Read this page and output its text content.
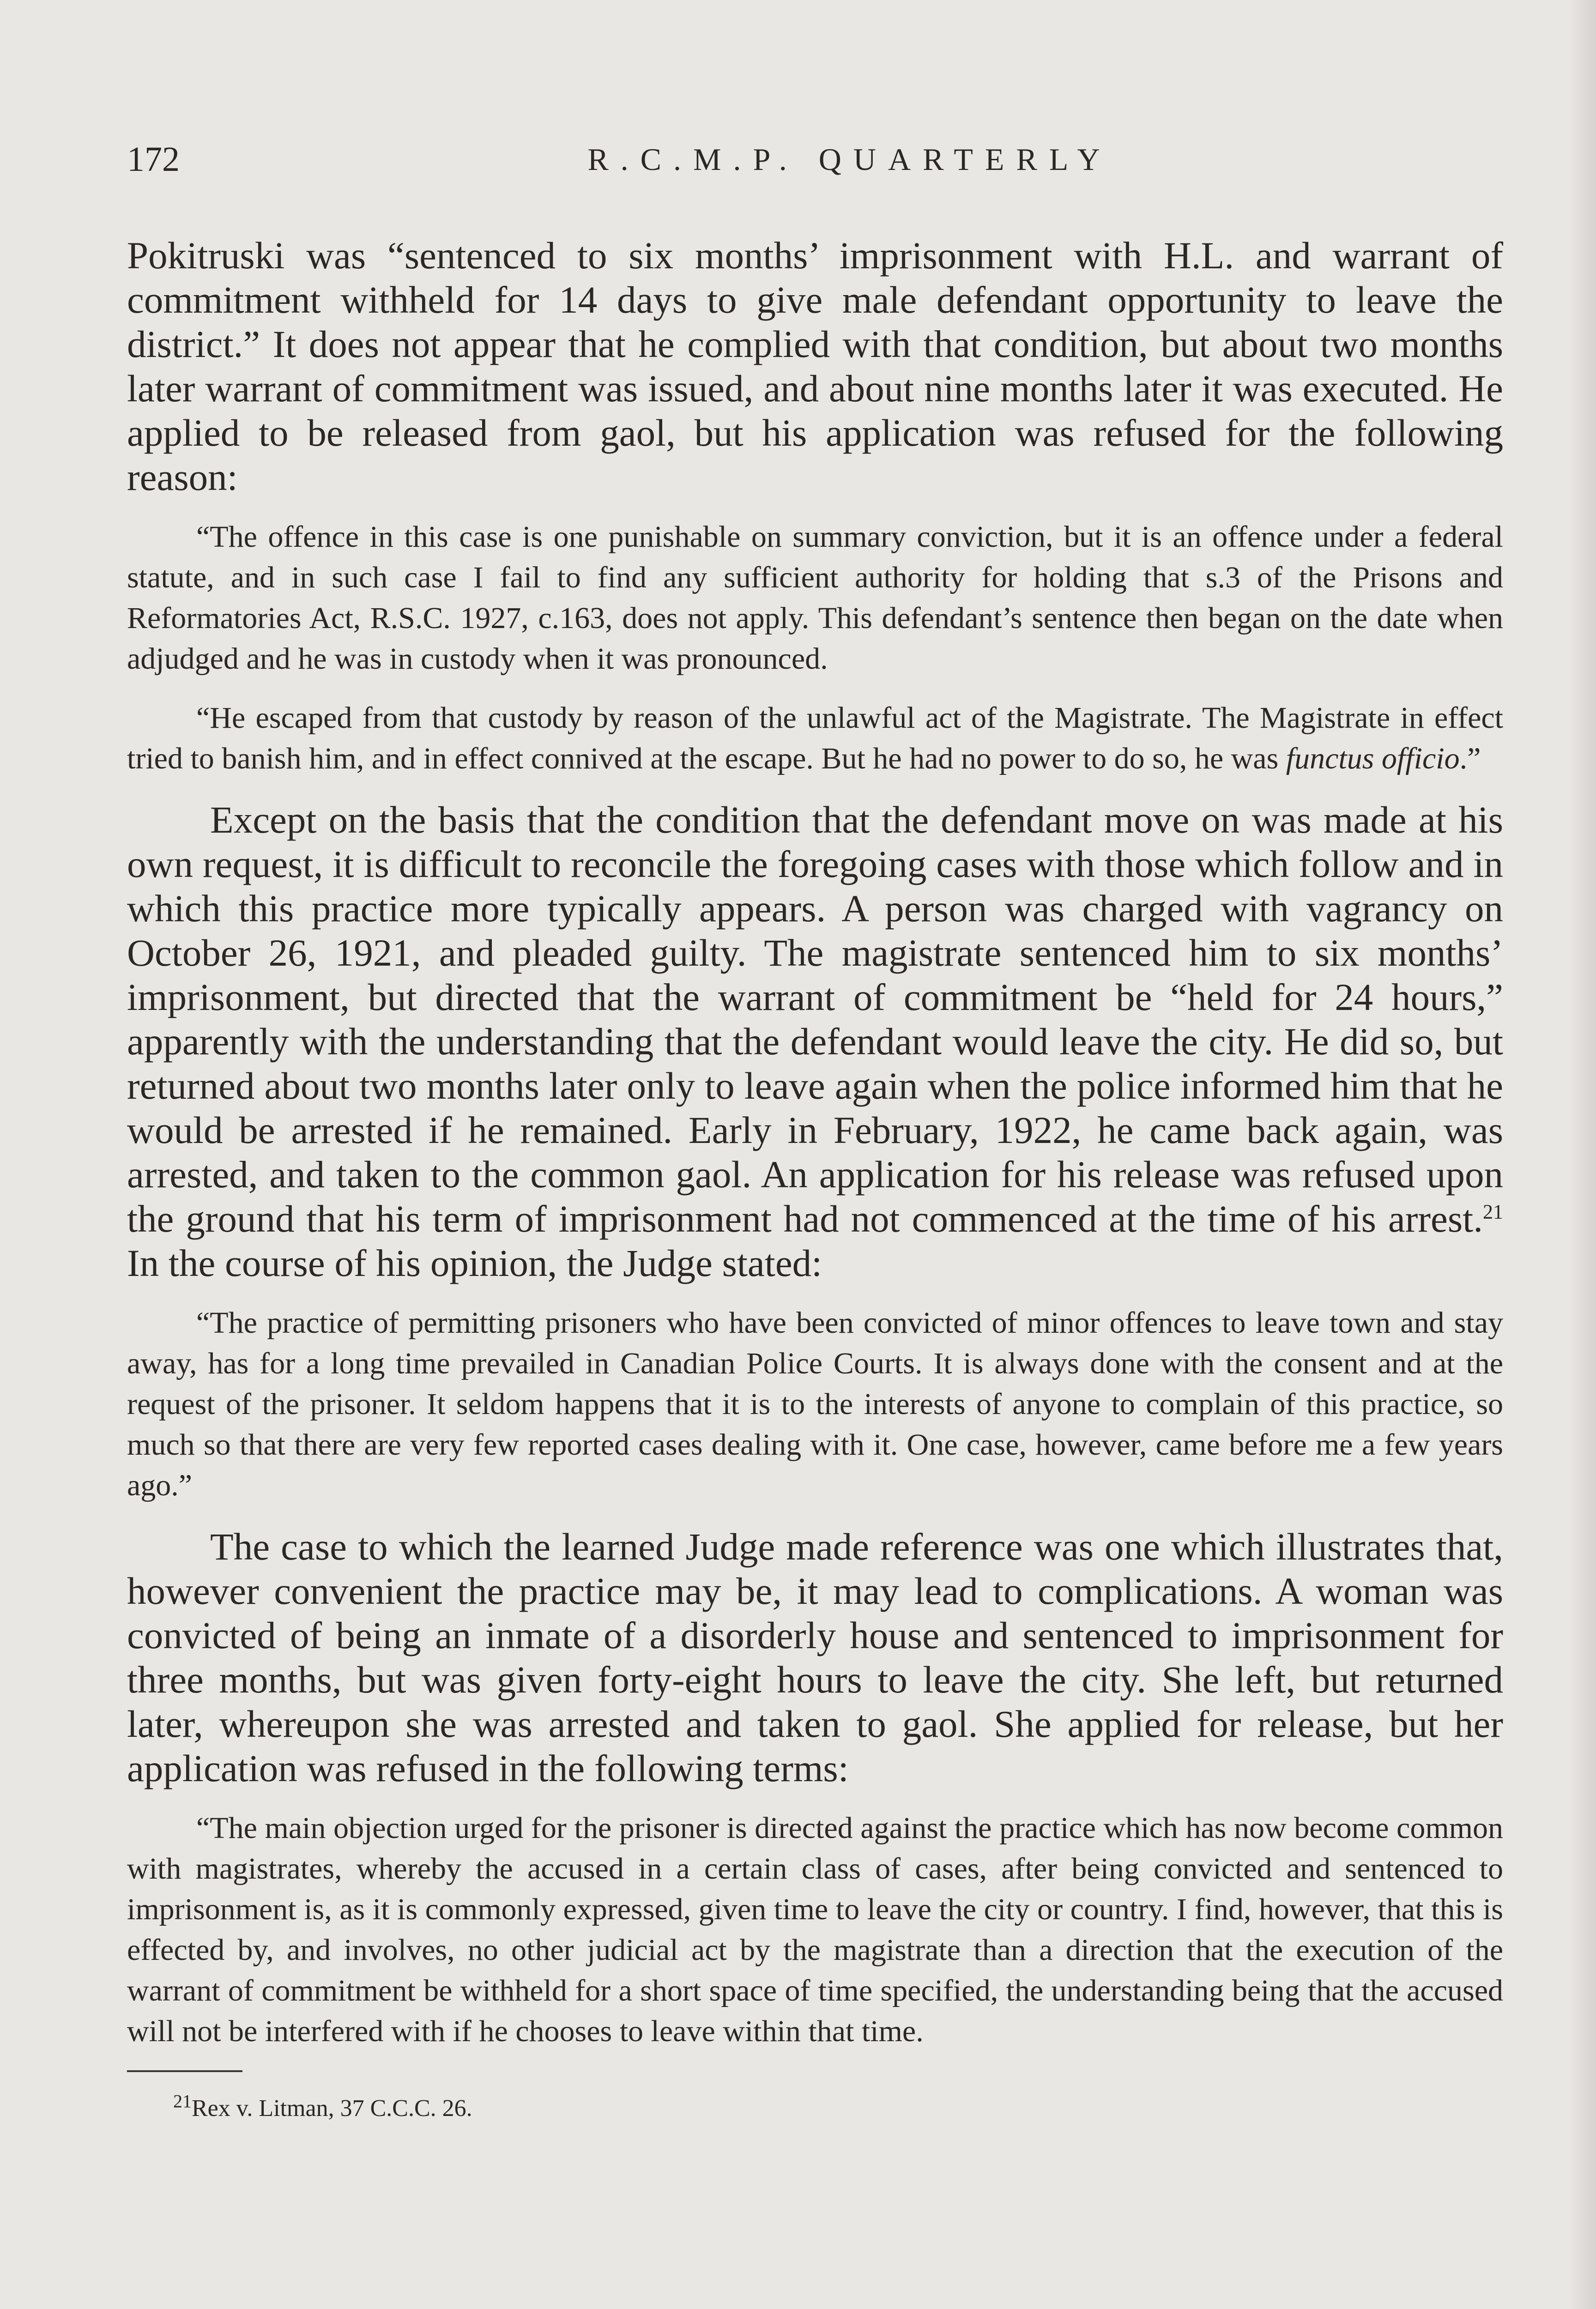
172	R.C.M.P. QUARTERLY

Pokitruski was “sentenced to six months’ imprisonment with H.L. and warrant of commitment withheld for 14 days to give male defendant opportunity to leave the district.” It does not appear that he complied with that condition, but about two months later warrant of commitment was issued, and about nine months later it was executed. He applied to be released from gaol, but his application was refused for the following reason:

“The offence in this case is one punishable on summary conviction, but it is an offence under a federal statute, and in such case I fail to find any sufficient authority for holding that s.3 of the Prisons and Reformatories Act, R.S.C. 1927, c.163, does not apply. This defendant’s sentence then began on the date when adjudged and he was in custody when it was pronounced.

“He escaped from that custody by reason of the unlawful act of the Magistrate. The Magistrate in effect tried to banish him, and in effect connived at the escape. But he had no power to do so, he was functus officio.”

Except on the basis that the condition that the defendant move on was made at his own request, it is difficult to reconcile the foregoing cases with those which follow and in which this practice more typically appears. A person was charged with vagrancy on October 26, 1921, and pleaded guilty. The magistrate sentenced him to six months’ imprisonment, but directed that the warrant of commitment be “held for 24 hours,” apparently with the understanding that the defendant would leave the city. He did so, but returned about two months later only to leave again when the police informed him that he would be arrested if he remained. Early in February, 1922, he came back again, was arrested, and taken to the common gaol. An application for his release was refused upon the ground that his term of imprisonment had not commenced at the time of his arrest.$^{21}$ In the course of his opinion, the Judge stated:

“The practice of permitting prisoners who have been convicted of minor offences to leave town and stay away, has for a long time prevailed in Canadian Police Courts. It is always done with the consent and at the request of the prisoner. It seldom happens that it is to the interests of anyone to complain of this practice, so much so that there are very few reported cases dealing with it. One case, however, came before me a few years ago.”

The case to which the learned Judge made reference was one which illustrates that, however convenient the practice may be, it may lead to complications. A woman was convicted of being an inmate of a disorderly house and sentenced to imprisonment for three months, but was given forty-eight hours to leave the city. She left, but returned later, whereupon she was arrested and taken to gaol. She applied for release, but her application was refused in the following terms:

“The main objection urged for the prisoner is directed against the practice which has now become common with magistrates, whereby the accused in a certain class of cases, after being convicted and sentenced to imprisonment is, as it is commonly expressed, given time to leave the city or country. I find, however, that this is effected by, and involves, no other judicial act by the magistrate than a direction that the execution of the warrant of commitment be withheld for a short space of time specified, the understanding being that the accused will not be interfered with if he chooses to leave within that time.

$^{21}$Rex v. Litman, 37 C.C.C. 26.
